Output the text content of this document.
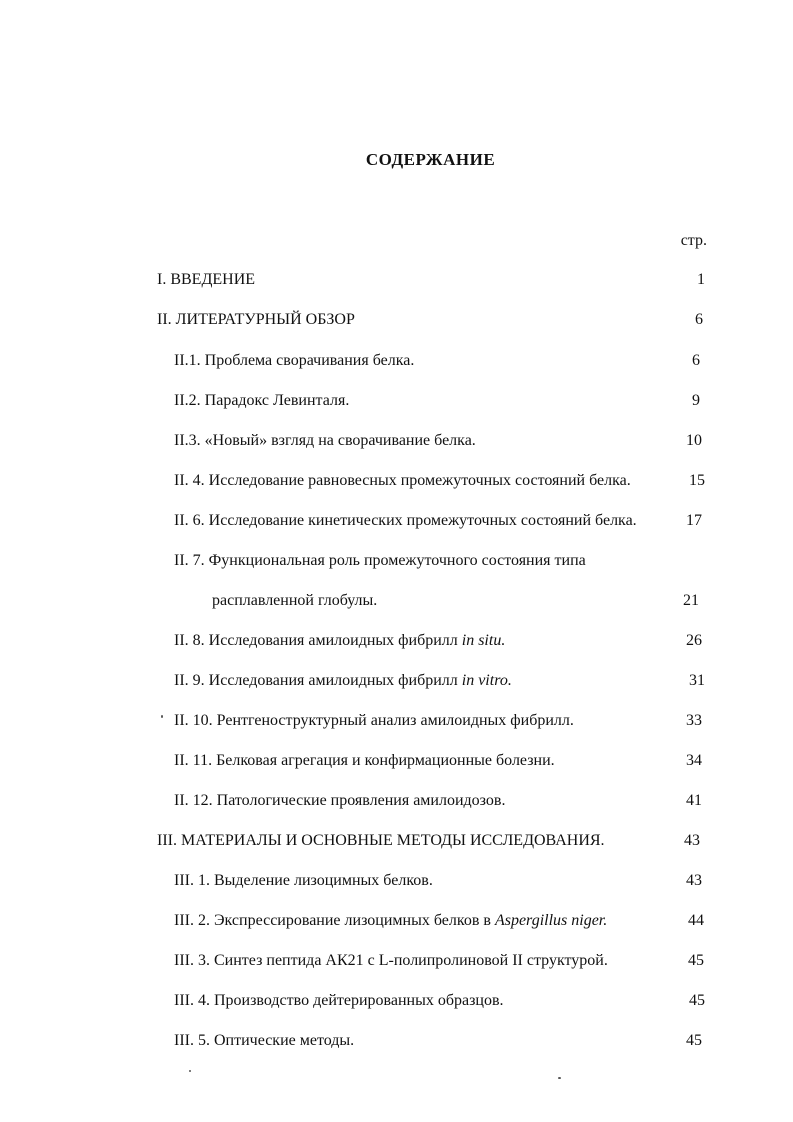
СОДЕРЖАНИЕ
стр.
I. ВВЕДЕНИЕ	1
II. ЛИТЕРАТУРНЫЙ ОБЗОР	6
II.1. Проблема сворачивания белка.	6
II.2. Парадокс Левинталя.	9
II.3. «Новый» взгляд на сворачивание белка.	10
II. 4. Исследование равновесных промежуточных состояний белка.	15
II. 6. Исследование кинетических промежуточных состояний белка.	17
II. 7. Функциональная роль промежуточного состояния типа
расплавленной глобулы.	21
II. 8. Исследования амилоидных фибрилл in situ.	26
II. 9. Исследования амилоидных фибрилл in vitro.	31
II. 10. Рентгеноструктурный анализ амилоидных фибрилл.	33
II. 11. Белковая агрегация и конфирмационные болезни.	34
II. 12. Патологические проявления амилоидозов.	41
III. МАТЕРИАЛЫ И ОСНОВНЫЕ МЕТОДЫ ИССЛЕДОВАНИЯ.	43
III. 1. Выделение лизоцимных белков.	43
III. 2. Экспрессирование лизоцимных белков в Aspergillus niger.	44
III. 3. Синтез пептида АК21 с L-полипролиновой II структурой.	45
III. 4. Производство дейтерированных образцов.	45
III. 5. Оптические методы.	45
